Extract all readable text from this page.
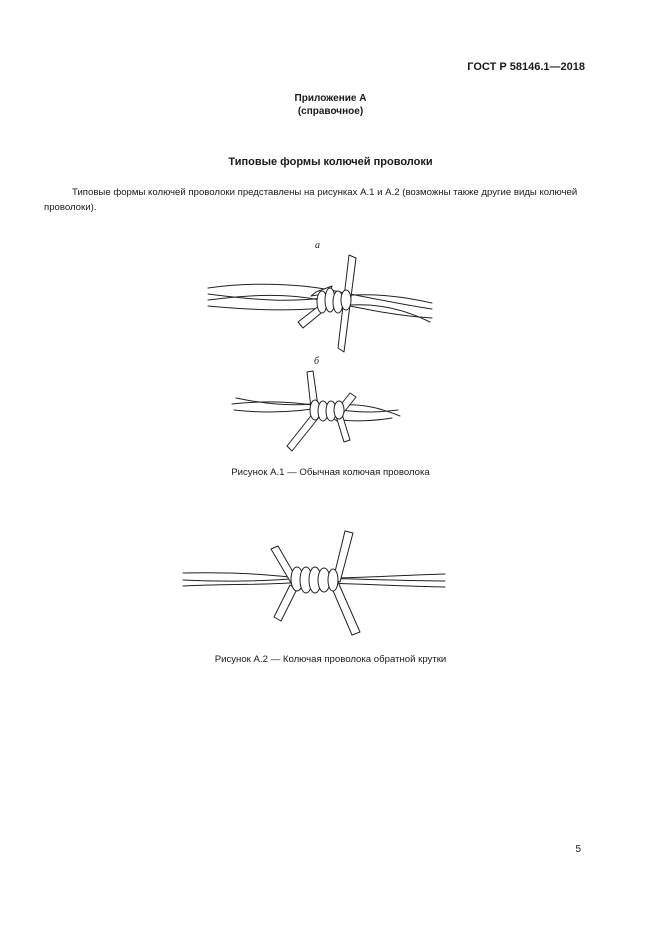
ГОСТ Р 58146.1—2018
Приложение А
(справочное)
Типовые формы колючей проволоки
Типовые формы колючей проволоки представлены на рисунках А.1 и А.2 (возможны также другие виды колючей проволоки).
а
б
Рисунок А.1 — Обычная колючая проволока
Рисунок А.2 — Колючая проволока обратной крутки
5
